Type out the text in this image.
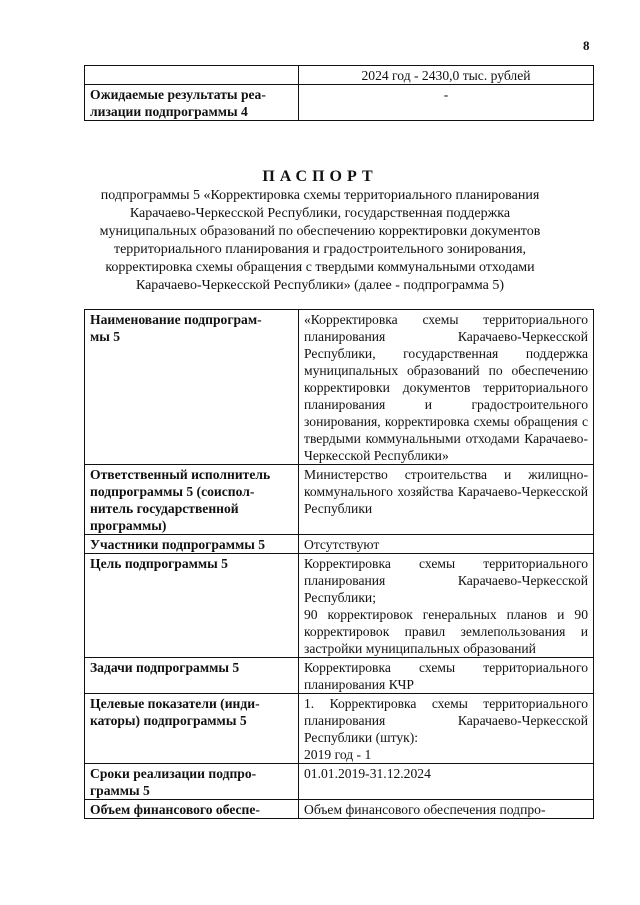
8
	2024 год - 2430,0 тыс. рублей
Ожидаемые результаты реа-
лизации подпрограммы 4	-
ПАСПОРТ
подпрограммы 5 «Корректировка схемы территориального планирования
Карачаево-Черкесской Республики, государственная поддержка
муниципальных образований по обеспечению корректировки документов
территориального планирования и градостроительного зонирования,
корректировка схемы обращения с твердыми коммунальными отходами
Карачаево-Черкесской Республики» (далее - подпрограмма 5)
Наименование подпрограм-
мы 5	«Корректировка схемы территориального планирования Карачаево-Черкесской Республики, государственная поддержка муниципальных образований по обеспечению корректировки документов территориального планирования и градостроительного зонирования, корректировка схемы обращения с твердыми коммунальными отходами Карачаево-Черкесской Республики»
Ответственный исполнитель
подпрограммы 5 (соиспол-
нитель государственной
программы)	Министерство строительства и жилищно-коммунального хозяйства Карачаево-Черкесской Республики
Участники подпрограммы 5	Отсутствуют
Цель подпрограммы 5	Корректировка схемы территориального планирования Карачаево-Черкесской Республики;
90 корректировок генеральных планов и 90 корректировок правил землепользования и застройки муниципальных образований
Задачи подпрограммы 5	Корректировка схемы территориального планирования КЧР
Целевые показатели (инди-
каторы) подпрограммы 5	1. Корректировка схемы территориального планирования Карачаево-Черкесской Республики (штук):
2019 год - 1
Сроки реализации подпро-
граммы 5	01.01.2019-31.12.2024
Объем финансового обеспе-	Объем финансового обеспечения подпро-
